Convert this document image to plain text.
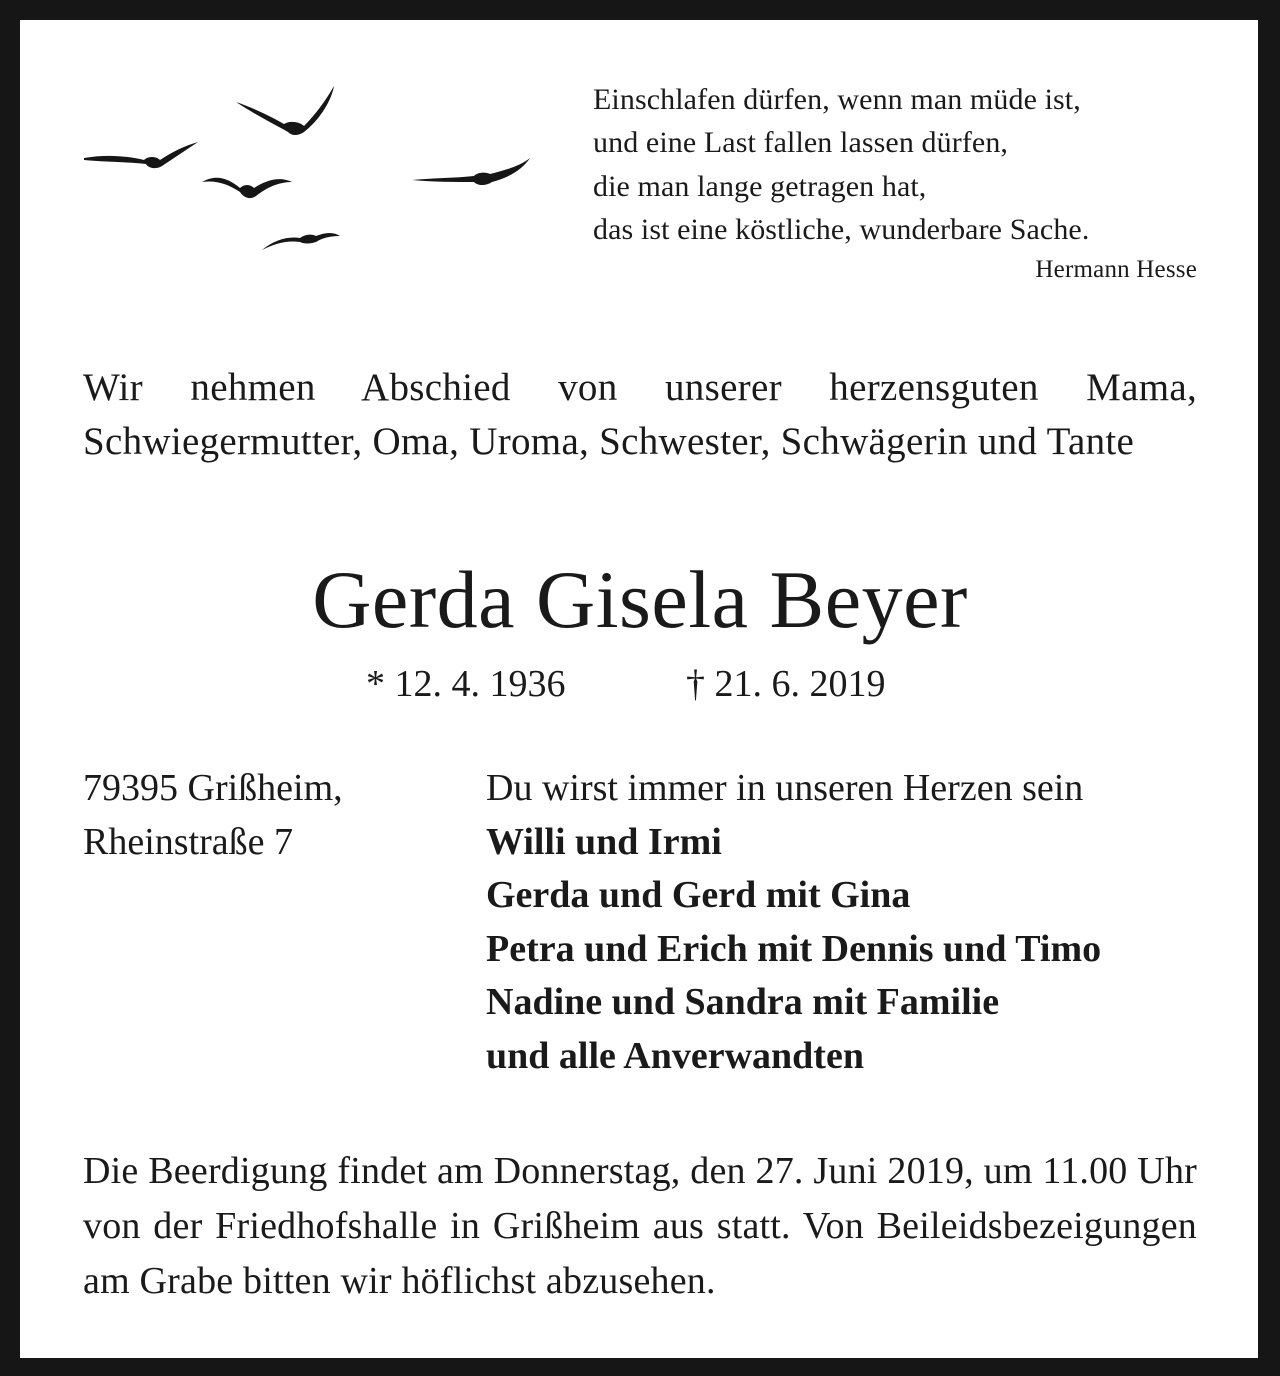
Einschlafen dürfen, wenn man müde ist,
und eine Last fallen lassen dürfen,
die man lange getragen hat,
das ist eine köstliche, wunderbare Sache.
Hermann Hesse
Wir nehmen Abschied von unserer herzensguten Mama, Schwiegermutter, Oma, Uroma, Schwester, Schwägerin und Tante
Gerda Gisela Beyer
* 12. 4. 1936	† 21. 6. 2019
79395 Grißheim,
Rheinstraße 7
Du wirst immer in unseren Herzen sein
Willi und Irmi
Gerda und Gerd mit Gina
Petra und Erich mit Dennis und Timo
Nadine und Sandra mit Familie
und alle Anverwandten
Die Beerdigung findet am Donnerstag, den 27. Juni 2019, um 11.00 Uhr von der Friedhofshalle in Grißheim aus statt. Von Beileidsbezeigungen am Grabe bitten wir höflichst abzusehen.
